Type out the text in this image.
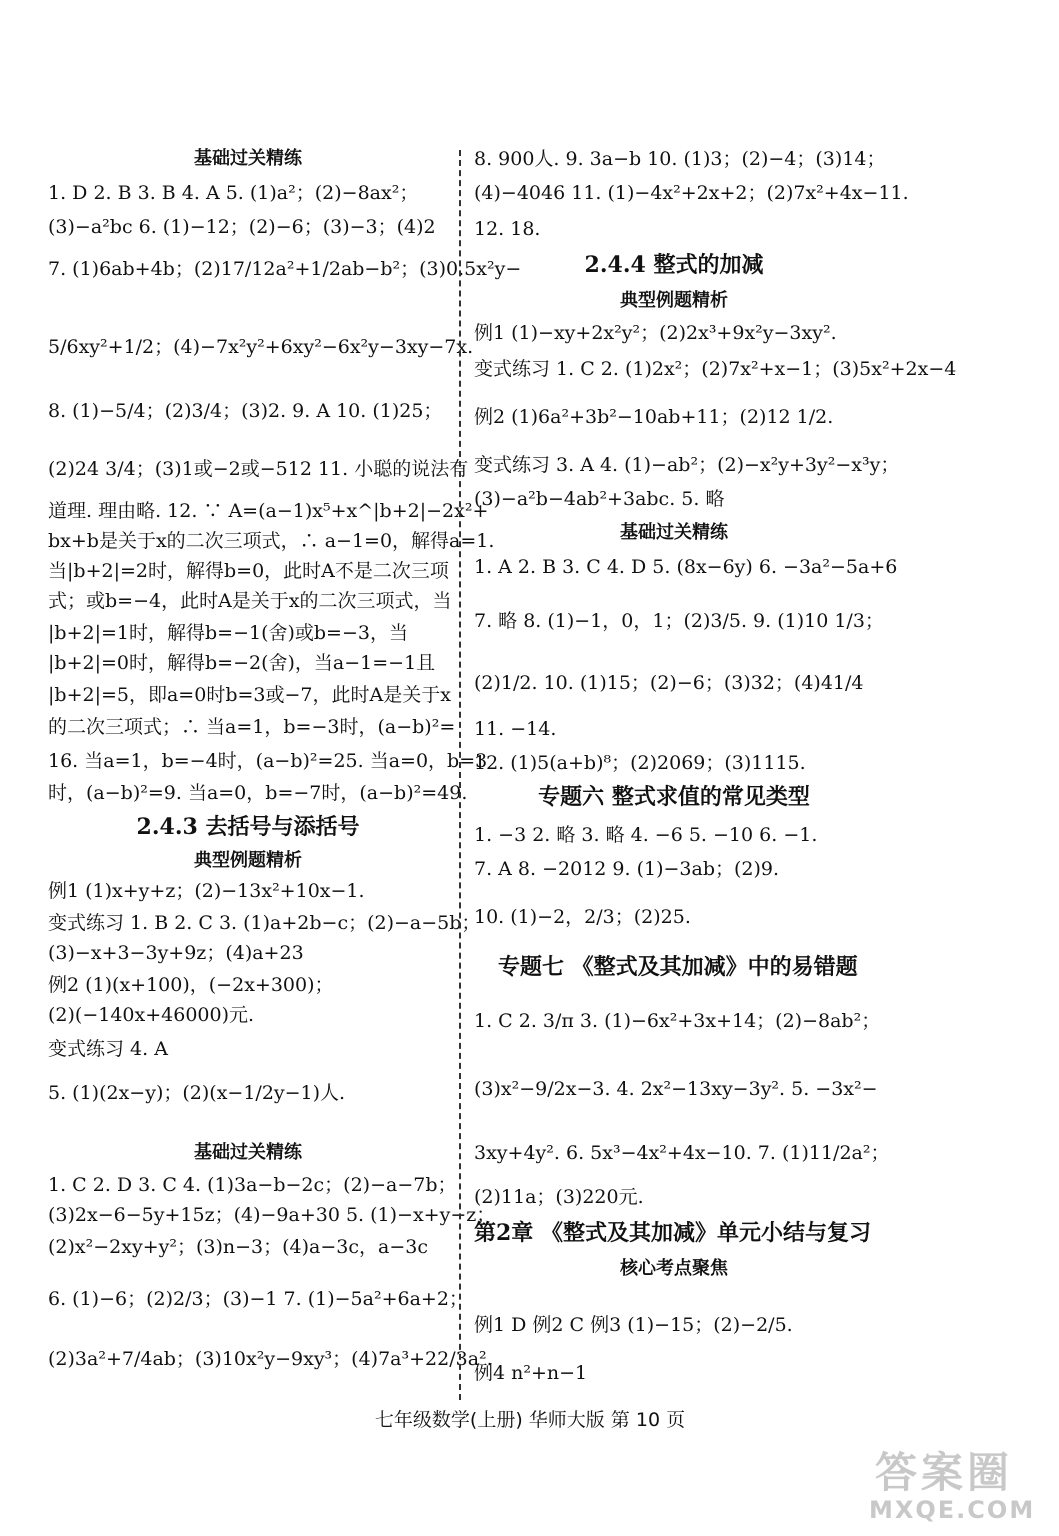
基础过关精练
1. D 2. B 3. B 4. A 5. (1)a²；(2)−8ax²；
(3)−a²bc 6. (1)−12；(2)−6；(3)−3；(4)2
7. (1)6ab+4b；(2)17/12a²+1/2ab−b²；(3)0.5x²y−
5/6xy²+1/2；(4)−7x²y²+6xy²−6x²y−3xy−7x.
8. (1)−5/4；(2)3/4；(3)2. 9. A 10. (1)25；
(2)24 3/4；(3)1或−2或−512 11. 小聪的说法有
道理. 理由略. 12. ∵ A=(a−1)x⁵+x^|b+2|−2x²+
bx+b是关于x的二次三项式，∴ a−1=0，解得a=1.
当|b+2|=2时，解得b=0，此时A不是二次三项
式；或b=−4，此时A是关于x的二次三项式，当
|b+2|=1时，解得b=−1(舍)或b=−3，当
|b+2|=0时，解得b=−2(舍)，当a−1=−1且
|b+2|=5，即a=0时b=3或−7，此时A是关于x
的二次三项式；∴ 当a=1，b=−3时，(a−b)²=
16. 当a=1，b=−4时，(a−b)²=25. 当a=0，b=3
时，(a−b)²=9. 当a=0，b=−7时，(a−b)²=49.
2.4.3 去括号与添括号
典型例题精析
例1 (1)x+y+z；(2)−13x²+10x−1.
变式练习 1. B 2. C 3. (1)a+2b−c；(2)−a−5b；
(3)−x+3−3y+9z；(4)a+23
例2 (1)(x+100)，(−2x+300)；
(2)(−140x+46000)元.
变式练习 4. A
5. (1)(2x−y)；(2)(x−1/2y−1)人.
基础过关精练
1. C 2. D 3. C 4. (1)3a−b−2c；(2)−a−7b；
(3)2x−6−5y+15z；(4)−9a+30 5. (1)−x+y−z；
(2)x²−2xy+y²；(3)n−3；(4)a−3c，a−3c
6. (1)−6；(2)2/3；(3)−1 7. (1)−5a²+6a+2；
(2)3a²+7/4ab；(3)10x²y−9xy³；(4)7a³+22/3a².
8. 900人. 9. 3a−b 10. (1)3；(2)−4；(3)14；
(4)−4046 11. (1)−4x²+2x+2；(2)7x²+4x−11.
12. 18.
2.4.4 整式的加减
典型例题精析
例1 (1)−xy+2x²y²；(2)2x³+9x²y−3xy².
变式练习 1. C 2. (1)2x²；(2)7x²+x−1；(3)5x²+2x−4
例2 (1)6a²+3b²−10ab+11；(2)12 1/2.
变式练习 3. A 4. (1)−ab²；(2)−x²y+3y²−x³y；
(3)−a²b−4ab²+3abc. 5. 略
基础过关精练
1. A 2. B 3. C 4. D 5. (8x−6y) 6. −3a²−5a+6
7. 略 8. (1)−1，0，1；(2)3/5. 9. (1)10 1/3；
(2)1/2. 10. (1)15；(2)−6；(3)32；(4)41/4
11. −14.
12. (1)5(a+b)⁸；(2)2069；(3)1115.
专题六 整式求值的常见类型
1. −3 2. 略 3. 略 4. −6 5. −10 6. −1.
7. A 8. −2012 9. (1)−3ab；(2)9.
10. (1)−2，2/3；(2)25.
专题七 《整式及其加减》中的易错题
1. C 2. 3/π 3. (1)−6x²+3x+14；(2)−8ab²；
(3)x²−9/2x−3. 4. 2x²−13xy−3y². 5. −3x²−
3xy+4y². 6. 5x³−4x²+4x−10. 7. (1)11/2a²；
(2)11a；(3)220元.
第2章 《整式及其加减》单元小结与复习
核心考点聚焦
例1 D 例2 C 例3 (1)−15；(2)−2/5.
例4 n²+n−1
七年级数学(上册) 华师大版 第 10 页
答案圈
MXQE.COM
